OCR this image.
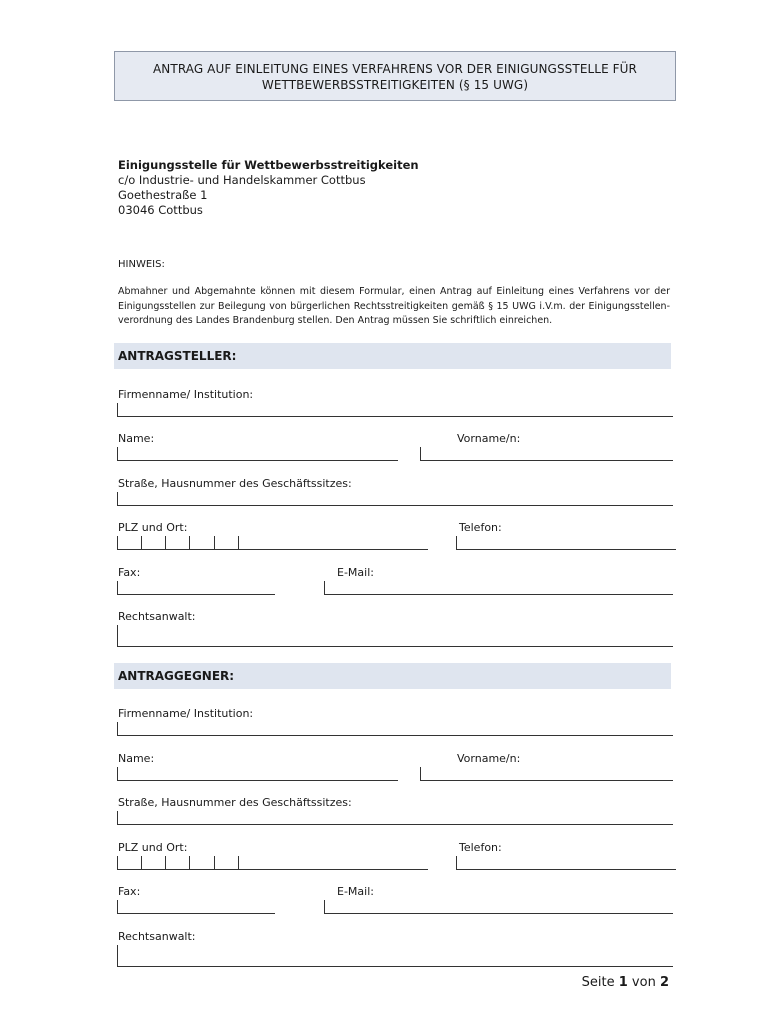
ANTRAG AUF EINLEITUNG EINES VERFAHRENS VOR DER EINIGUNGSSTELLE FÜR
WETTBEWERBSSTREITIGKEITEN (§ 15 UWG)
Einigungsstelle für Wettbewerbsstreitigkeiten
c/o Industrie- und Handelskammer Cottbus
Goethestraße 1
03046 Cottbus
HINWEIS:
Abmahner und Abgemahnte können mit diesem Formular, einen Antrag auf Einleitung eines Verfahrens vor der Einigungsstellen zur Beilegung von bürgerlichen Rechtsstreitigkeiten gemäß § 15 UWG i.V.m. der Einigungsstellen-verordnung des Landes Brandenburg stellen. Den Antrag müssen Sie schriftlich einreichen.
ANTRAGSTELLER:
Firmenname/ Institution:
Name:	Vorname/n:
Straße, Hausnummer des Geschäftssitzes:
PLZ und Ort:	Telefon:
Fax:	E-Mail:
Rechtsanwalt:
ANTRAGGEGNER:
Firmenname/ Institution:
Name:	Vorname/n:
Straße, Hausnummer des Geschäftssitzes:
PLZ und Ort:	Telefon:
Fax:	E-Mail:
Rechtsanwalt:
Seite 1 von 2
